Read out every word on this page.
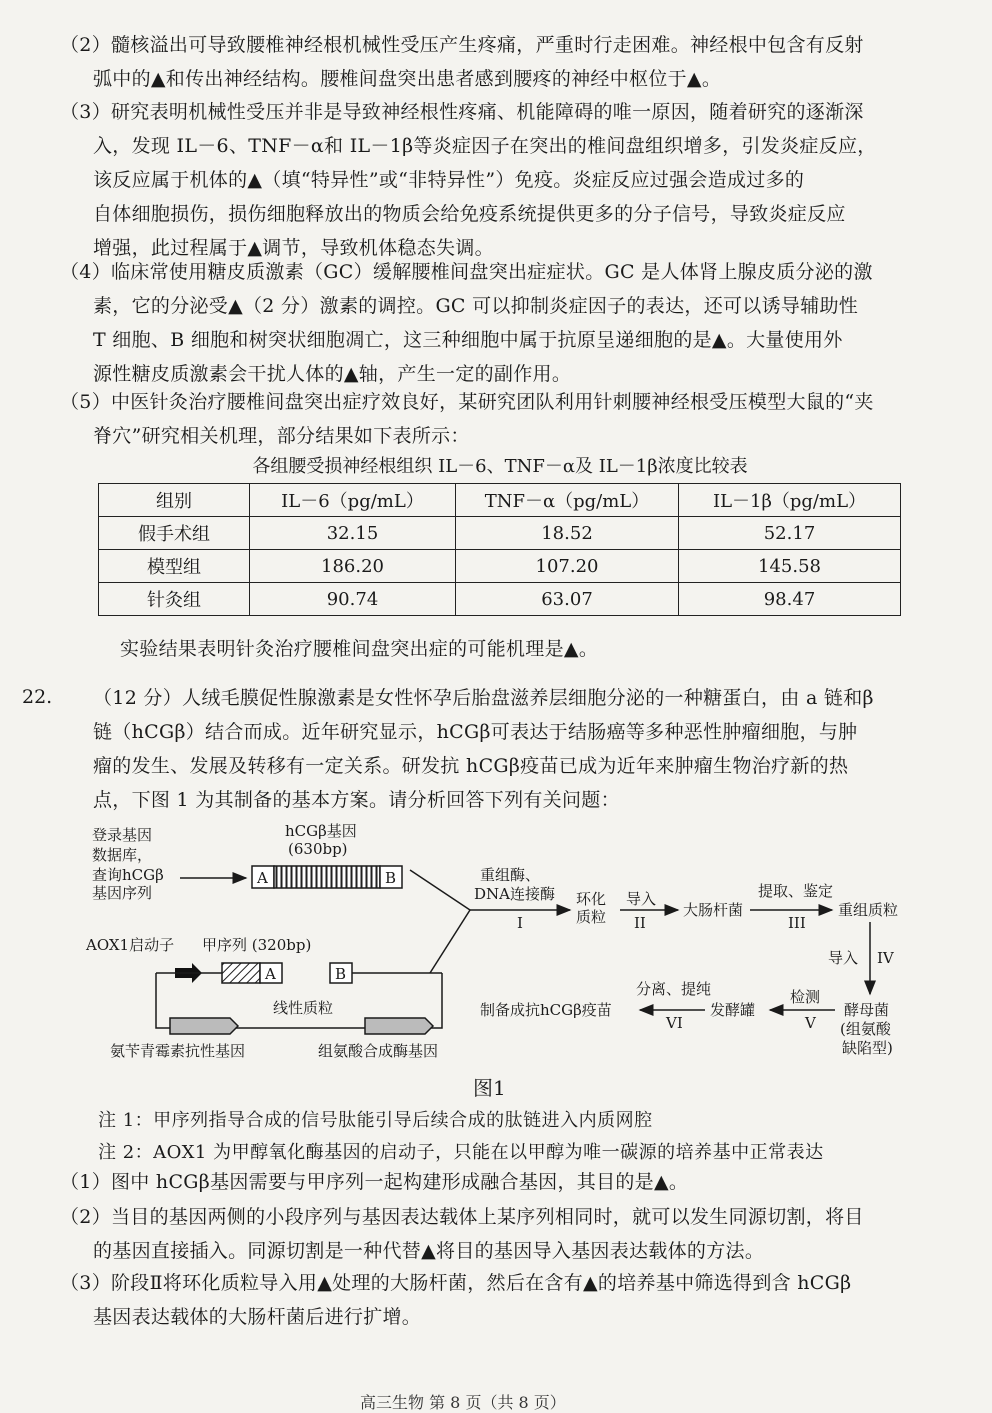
（2）髓核溢出可导致腰椎神经根机械性受压产生疼痛，严重时行走困难。神经根中包含有反射
弧中的▲和传出神经结构。腰椎间盘突出患者感到腰疼的神经中枢位于▲。
（3）研究表明机械性受压并非是导致神经根性疼痛、机能障碍的唯一原因，随着研究的逐渐深
入，发现 IL－6、TNF－α和 IL－1β等炎症因子在突出的椎间盘组织增多，引发炎症反应，
该反应属于机体的▲（填“特异性”或“非特异性”）免疫。炎症反应过强会造成过多的
自体细胞损伤，损伤细胞释放出的物质会给免疫系统提供更多的分子信号，导致炎症反应
增强，此过程属于▲调节，导致机体稳态失调。
（4）临床常使用糖皮质激素（GC）缓解腰椎间盘突出症症状。GC 是人体肾上腺皮质分泌的激
素，它的分泌受▲（2 分）激素的调控。GC 可以抑制炎症因子的表达，还可以诱导辅助性
T 细胞、B 细胞和树突状细胞凋亡，这三种细胞中属于抗原呈递细胞的是▲。大量使用外
源性糖皮质激素会干扰人体的▲轴，产生一定的副作用。
（5）中医针灸治疗腰椎间盘突出症疗效良好，某研究团队利用针刺腰神经根受压模型大鼠的“夹
脊穴”研究相关机理，部分结果如下表所示：
各组腰受损神经根组织 IL－6、TNF－α及 IL－1β浓度比较表
组别	IL－6（pg/mL）	TNF－α（pg/mL）	IL－1β（pg/mL）
假手术组	32.15	18.52	52.17
模型组	186.20	107.20	145.58
针灸组	90.74	63.07	98.47
实验结果表明针灸治疗腰椎间盘突出症的可能机理是▲。
22. （12 分）人绒毛膜促性腺激素是女性怀孕后胎盘滋养层细胞分泌的一种糖蛋白，由 a 链和β
链（hCGβ）结合而成。近年研究显示，hCGβ可表达于结肠癌等多种恶性肿瘤细胞，与肿
瘤的发生、发展及转移有一定关系。研发抗 hCGβ疫苗已成为近年来肿瘤生物治疗新的热
点，下图 1 为其制备的基本方案。请分析回答下列有关问题：
登录基因
数据库，
查询hCGβ
基因序列
hCGβ基因
(630bp)
A	B	重组酶、
DNA连接酶
I
环化
质粒
导入
II
大肠杆菌
提取、鉴定
III
重组质粒
导入 IV
酵母菌
(组氨酸
缺陷型)
检测
V
发酵罐
分离、提纯
VI
制备成抗hCGβ疫苗
AOX1启动子 甲序列 (320bp)
A	B
线性质粒
氨苄青霉素抗性基因	组氨酸合成酶基因
图1
注 1：甲序列指导合成的信号肽能引导后续合成的肽链进入内质网腔
注 2：AOX1 为甲醇氧化酶基因的启动子，只能在以甲醇为唯一碳源的培养基中正常表达
（1）图中 hCGβ基因需要与甲序列一起构建形成融合基因，其目的是▲。
（2）当目的基因两侧的小段序列与基因表达载体上某序列相同时，就可以发生同源切割，将目
的基因直接插入。同源切割是一种代替▲将目的基因导入基因表达载体的方法。
（3）阶段Ⅱ将环化质粒导入用▲处理的大肠杆菌，然后在含有▲的培养基中筛选得到含 hCGβ
基因表达载体的大肠杆菌后进行扩增。
高三生物 第 8 页（共 8 页）
